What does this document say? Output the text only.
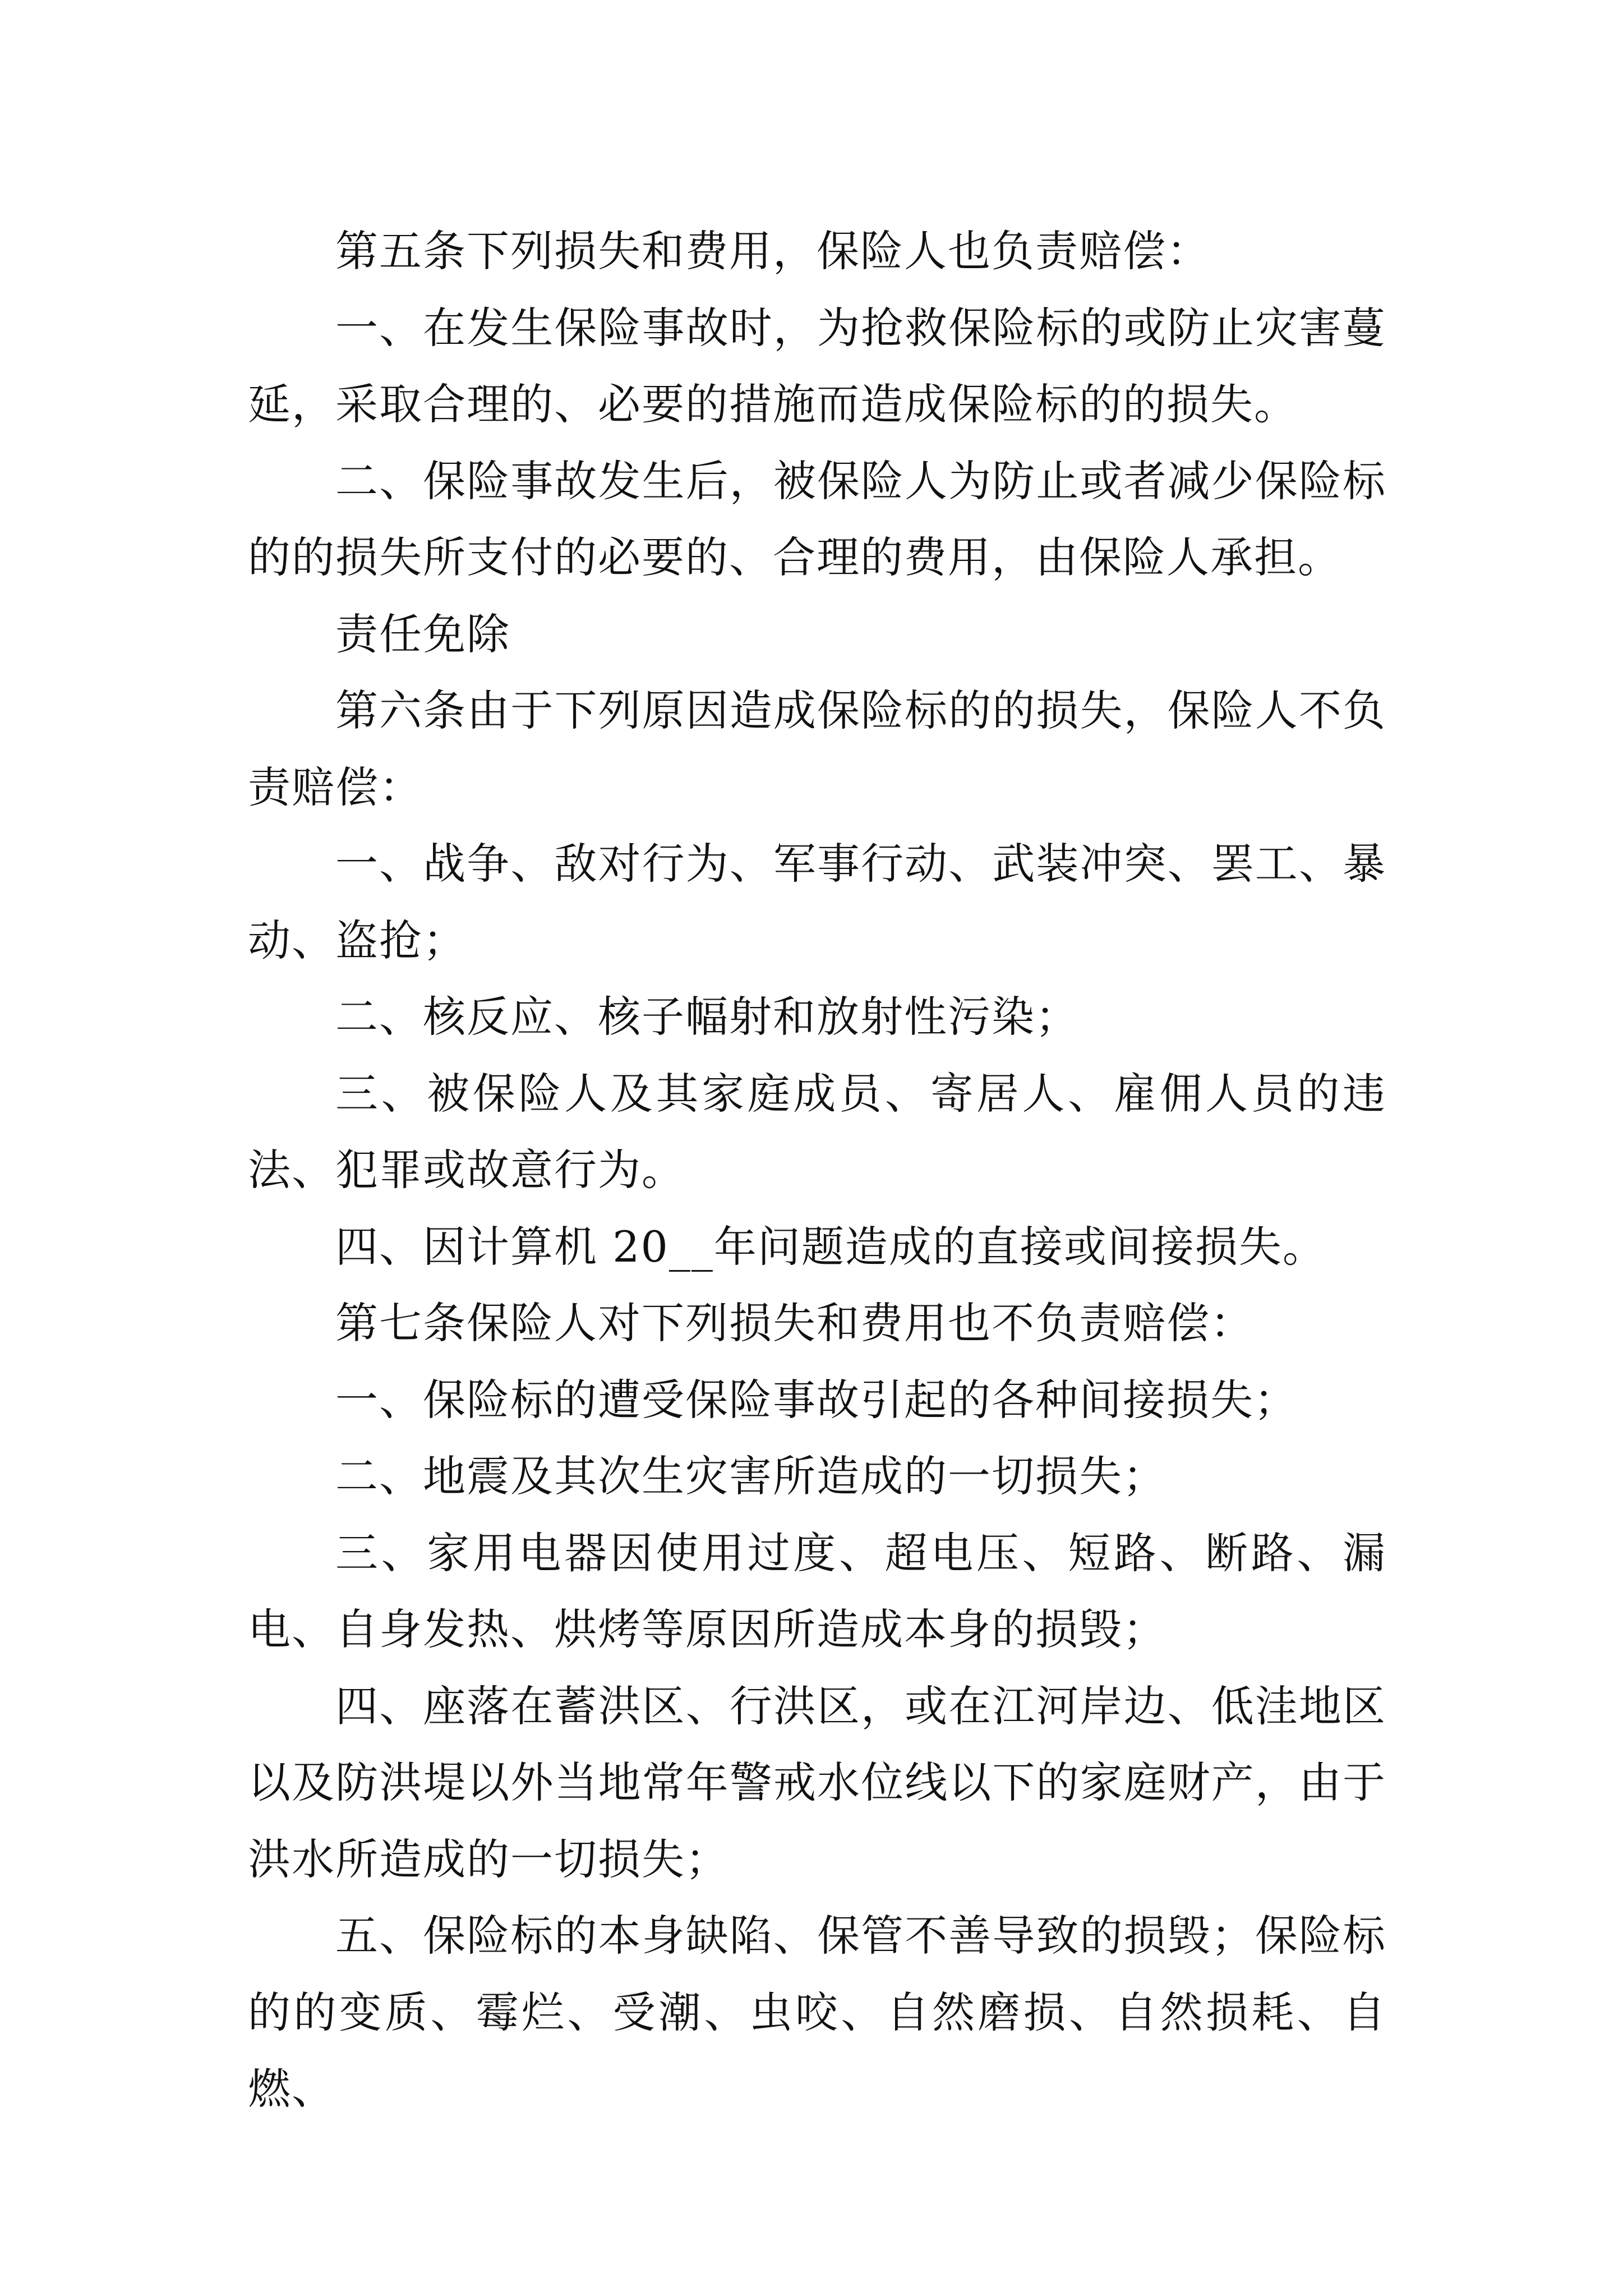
第五条下列损失和费用，保险人也负责赔偿：

一、在发生保险事故时，为抢救保险标的或防止灾害蔓延，采取合理的、必要的措施而造成保险标的的损失。

二、保险事故发生后，被保险人为防止或者减少保险标的的损失所支付的必要的、合理的费用，由保险人承担。

责任免除

第六条由于下列原因造成保险标的的损失，保险人不负责赔偿：

一、战争、敌对行为、军事行动、武装冲突、罢工、暴动、盗抢；

二、核反应、核子幅射和放射性污染；

三、被保险人及其家庭成员、寄居人、雇佣人员的违法、犯罪或故意行为。

四、因计算机 20__年问题造成的直接或间接损失。

第七条保险人对下列损失和费用也不负责赔偿：

一、保险标的遭受保险事故引起的各种间接损失；

二、地震及其次生灾害所造成的一切损失；

三、家用电器因使用过度、超电压、短路、断路、漏电、自身发热、烘烤等原因所造成本身的损毁；

四、座落在蓄洪区、行洪区，或在江河岸边、低洼地区以及防洪堤以外当地常年警戒水位线以下的家庭财产，由于洪水所造成的一切损失；

五、保险标的本身缺陷、保管不善导致的损毁；保险标的的变质、霉烂、受潮、虫咬、自然磨损、自然损耗、自燃、
